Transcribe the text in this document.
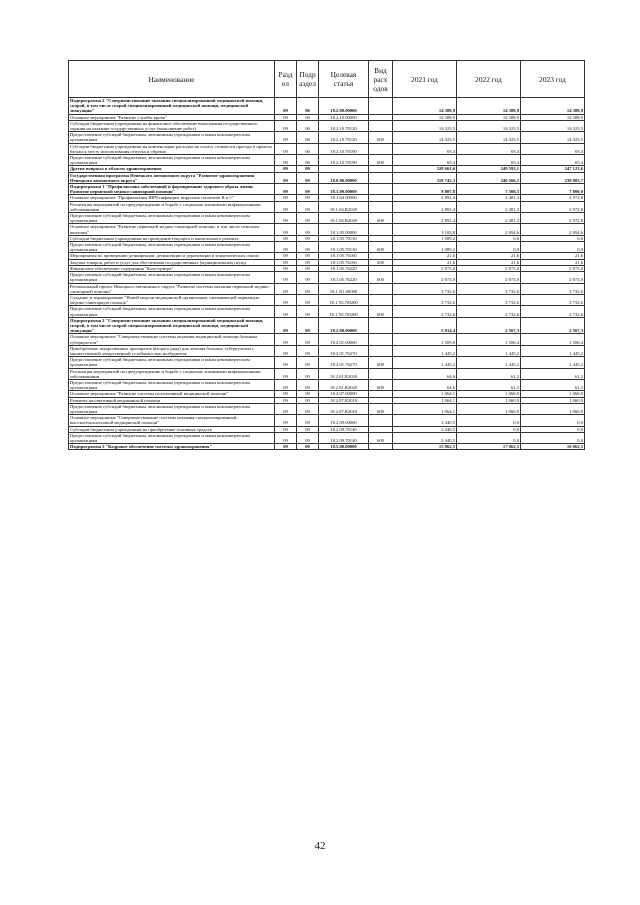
Наименование	Разд ел	Подр аздел	Целевая статья	Вид расх одов	2021 год	2022 год	2023 год
Подпрограмма 2 "Совершенствование оказания специализированной медицинской помощи, скорой, в том числе скорой специализированной медицинской помощи, медицинской эвакуации"	09	06	18.2.00.00000		14 388,9	14 388,9	14 388,9
Основное мероприятие "Развитие службы крови"	09	06	18.2.10.00000		14 388,9	14 388,9	14 388,9
Субсидии бюджетным учреждениям на финансовое обеспечение выполнения государственного задания на оказание государственных услуг (выполнение работ)	09	06	18.2.10.70120		14 323,5	14 323,5	14 323,5
Предоставление субсидий бюджетным, автономным учреждениям и иным некоммерческим организациям	09	06	18.2.10.70120	600	14 323,5	14 323,5	14 323,5
Субсидии бюджетным учреждениям на компенсацию расходов на оплату стоимости проезда и провоза багажа к месту использования отпуска и обратно	09	06	18.2.10.70190		65,4	65,4	65,4
Предоставление субсидий бюджетным, автономным учреждениям и иным некоммерческим организациям	09	06	18.2.10.70190	600	65,4	65,4	65,4
Другие вопросы в области здравоохранения	09	09			328 661,6	249 593,1	247 123,6
Государственная программа Ненецкого автономного округа "Развитие здравоохранения Ненецкого автономного округа"	09	09	18.0.00.00000		318 742,3	240 566,1	238 083,7
Подпрограмма 1 "Профилактика заболеваний и формирование здорового образа жизни. Развитие первичной медико-санитарной помощи"	09	09	18.1.00.00000		8 807,8	7 308,5	7 800,0
Основное мероприятие "Профилактика ВИЧ-инфекции, вирусных гепатитов В и С"	09	09	18.1.04.00000		2 891,4	2 481,3	2 972,8
Реализация мероприятий по предупреждению и борьбе с социально значимыми инфекционными заболеваниями	09	09	18.1.04.R2020		2 891,4	2 481,3	2 972,8
Предоставление субсидий бюджетным, автономным учреждениям и иным некоммерческим организациям	09	09	18.1.04.R2020	600	2 891,4	2 481,3	2 972,8
Основное мероприятие "Развитие первичной медико-санитарной помощи, в том числе сельским жителям"	09	09	18.1.05.00000		3 183,8	2 094,6	2 094,6
Субсидии бюджетным учреждениям на проведение текущего и капитального ремонта	09	09	18.1.05.70130		1 089,2	0,0	0,0
Предоставление субсидий бюджетным, автономным учреждениям и иным некоммерческим организациям	09	09	18.1.05.70130	600	1 089,2	0,0	0,0
Мероприятия по проведению дезинфекции, дезинсекции и дератизации в эпидемических очагах	09	09	18.1.05.76160		21,6	21,6	21,6
Закупка товаров, работ и услуг для обеспечения государственных (муниципальных) нужд	09	09	18.1.05.76160	200	21,6	21,6	21,6
Финансовое обеспечение содержания "Кохп-центра"	09	09	18.1.05.76220		2 073,0	2 073,0	2 073,0
Предоставление субсидий бюджетным, автономным учреждениям и иным некоммерческим организациям	09	09	18.1.05.76220	600	2 073,0	2 073,0	2 073,0
Региональный проект Ненецкого автономного округа "Развитие системы оказания первичной медико-санитарной помощи"	09	09	18.1.N1.00000		2 732,6	2 732,6	2 732,6
Создание и тиражирование "Новой модели медицинской организации, оказывающей первичную медико-санитарную помощь"	09	09	18.1.N1.N0200		2 732,6	2 732,6	2 732,6
Предоставление субсидий бюджетным, автономным учреждениям и иным некоммерческим организациям	09	09	18.1.N1.N0200	600	2 732,6	2 732,6	2 732,6
Подпрограмма 2 "Совершенствование оказания специализированной медицинской помощи, скорой, в том числе скорой специализированной медицинской помощи, медицинской эвакуации"	09	09	18.2.00.00000		5 014,4	2 567,3	2 567,3
Основное мероприятие "Совершенствование системы оказания медицинской помощи больным туберкулезом"	09	09	18.2.01.00000		1 509,8	1 506,4	1 506,4
Приобретение лекарственных препаратов (второго ряда) для лечения больных туберкулезом с множественной лекарственной устойчивостью возбудителя	09	09	18.2.01.76270		1 445,2	1 445,2	1 445,2
Предоставление субсидий бюджетным, автономным учреждениям и иным некоммерческим организациям	09	09	18.2.01.76270	600	1 445,2	1 445,2	1 445,2
Реализация мероприятий по предупреждению и борьбе с социально значимыми инфекционными заболеваниями	09	09	18.2.01.R2020		64,6	61,2	61,2
Предоставление субсидий бюджетным, автономным учреждениям и иным некоммерческим организациям	09	09	18.2.01.R2020	600	64,6	61,2	61,2
Основное мероприятие "Развитие системы паллиативной медицинской помощи"	09	09	18.2.07.00000		1 064,1	1 060,9	1 060,9
Развитие паллиативной медицинской помощи	09	09	18.2.07.R2010		1 064,1	1 060,9	1 060,9
Предоставление субсидий бюджетным, автономным учреждениям и иным некоммерческим организациям	09	09	18.2.07.R2010	600	1 064,1	1 060,9	1 060,9
Основное мероприятие "Совершенствование системы оказания специализированной, высокотехнологичной медицинской помощи"	09	09	18.2.09.00000		2 440,5	0,0	0,0
Субсидии бюджетным учреждениям на приобретение основных средств	09	09	18.2.09.70140		2 440,5	0,0	0,0
Предоставление субсидий бюджетным, автономным учреждениям и иным некоммерческим организациям	09	09	18.2.09.70140	600	2 440,5	0,0	0,0
Подпрограмма 5 "Кадровое обеспечение системы здравоохранения"	09	09	18.5.00.00000		15 062,5	17 062,5	16 062,5
42
